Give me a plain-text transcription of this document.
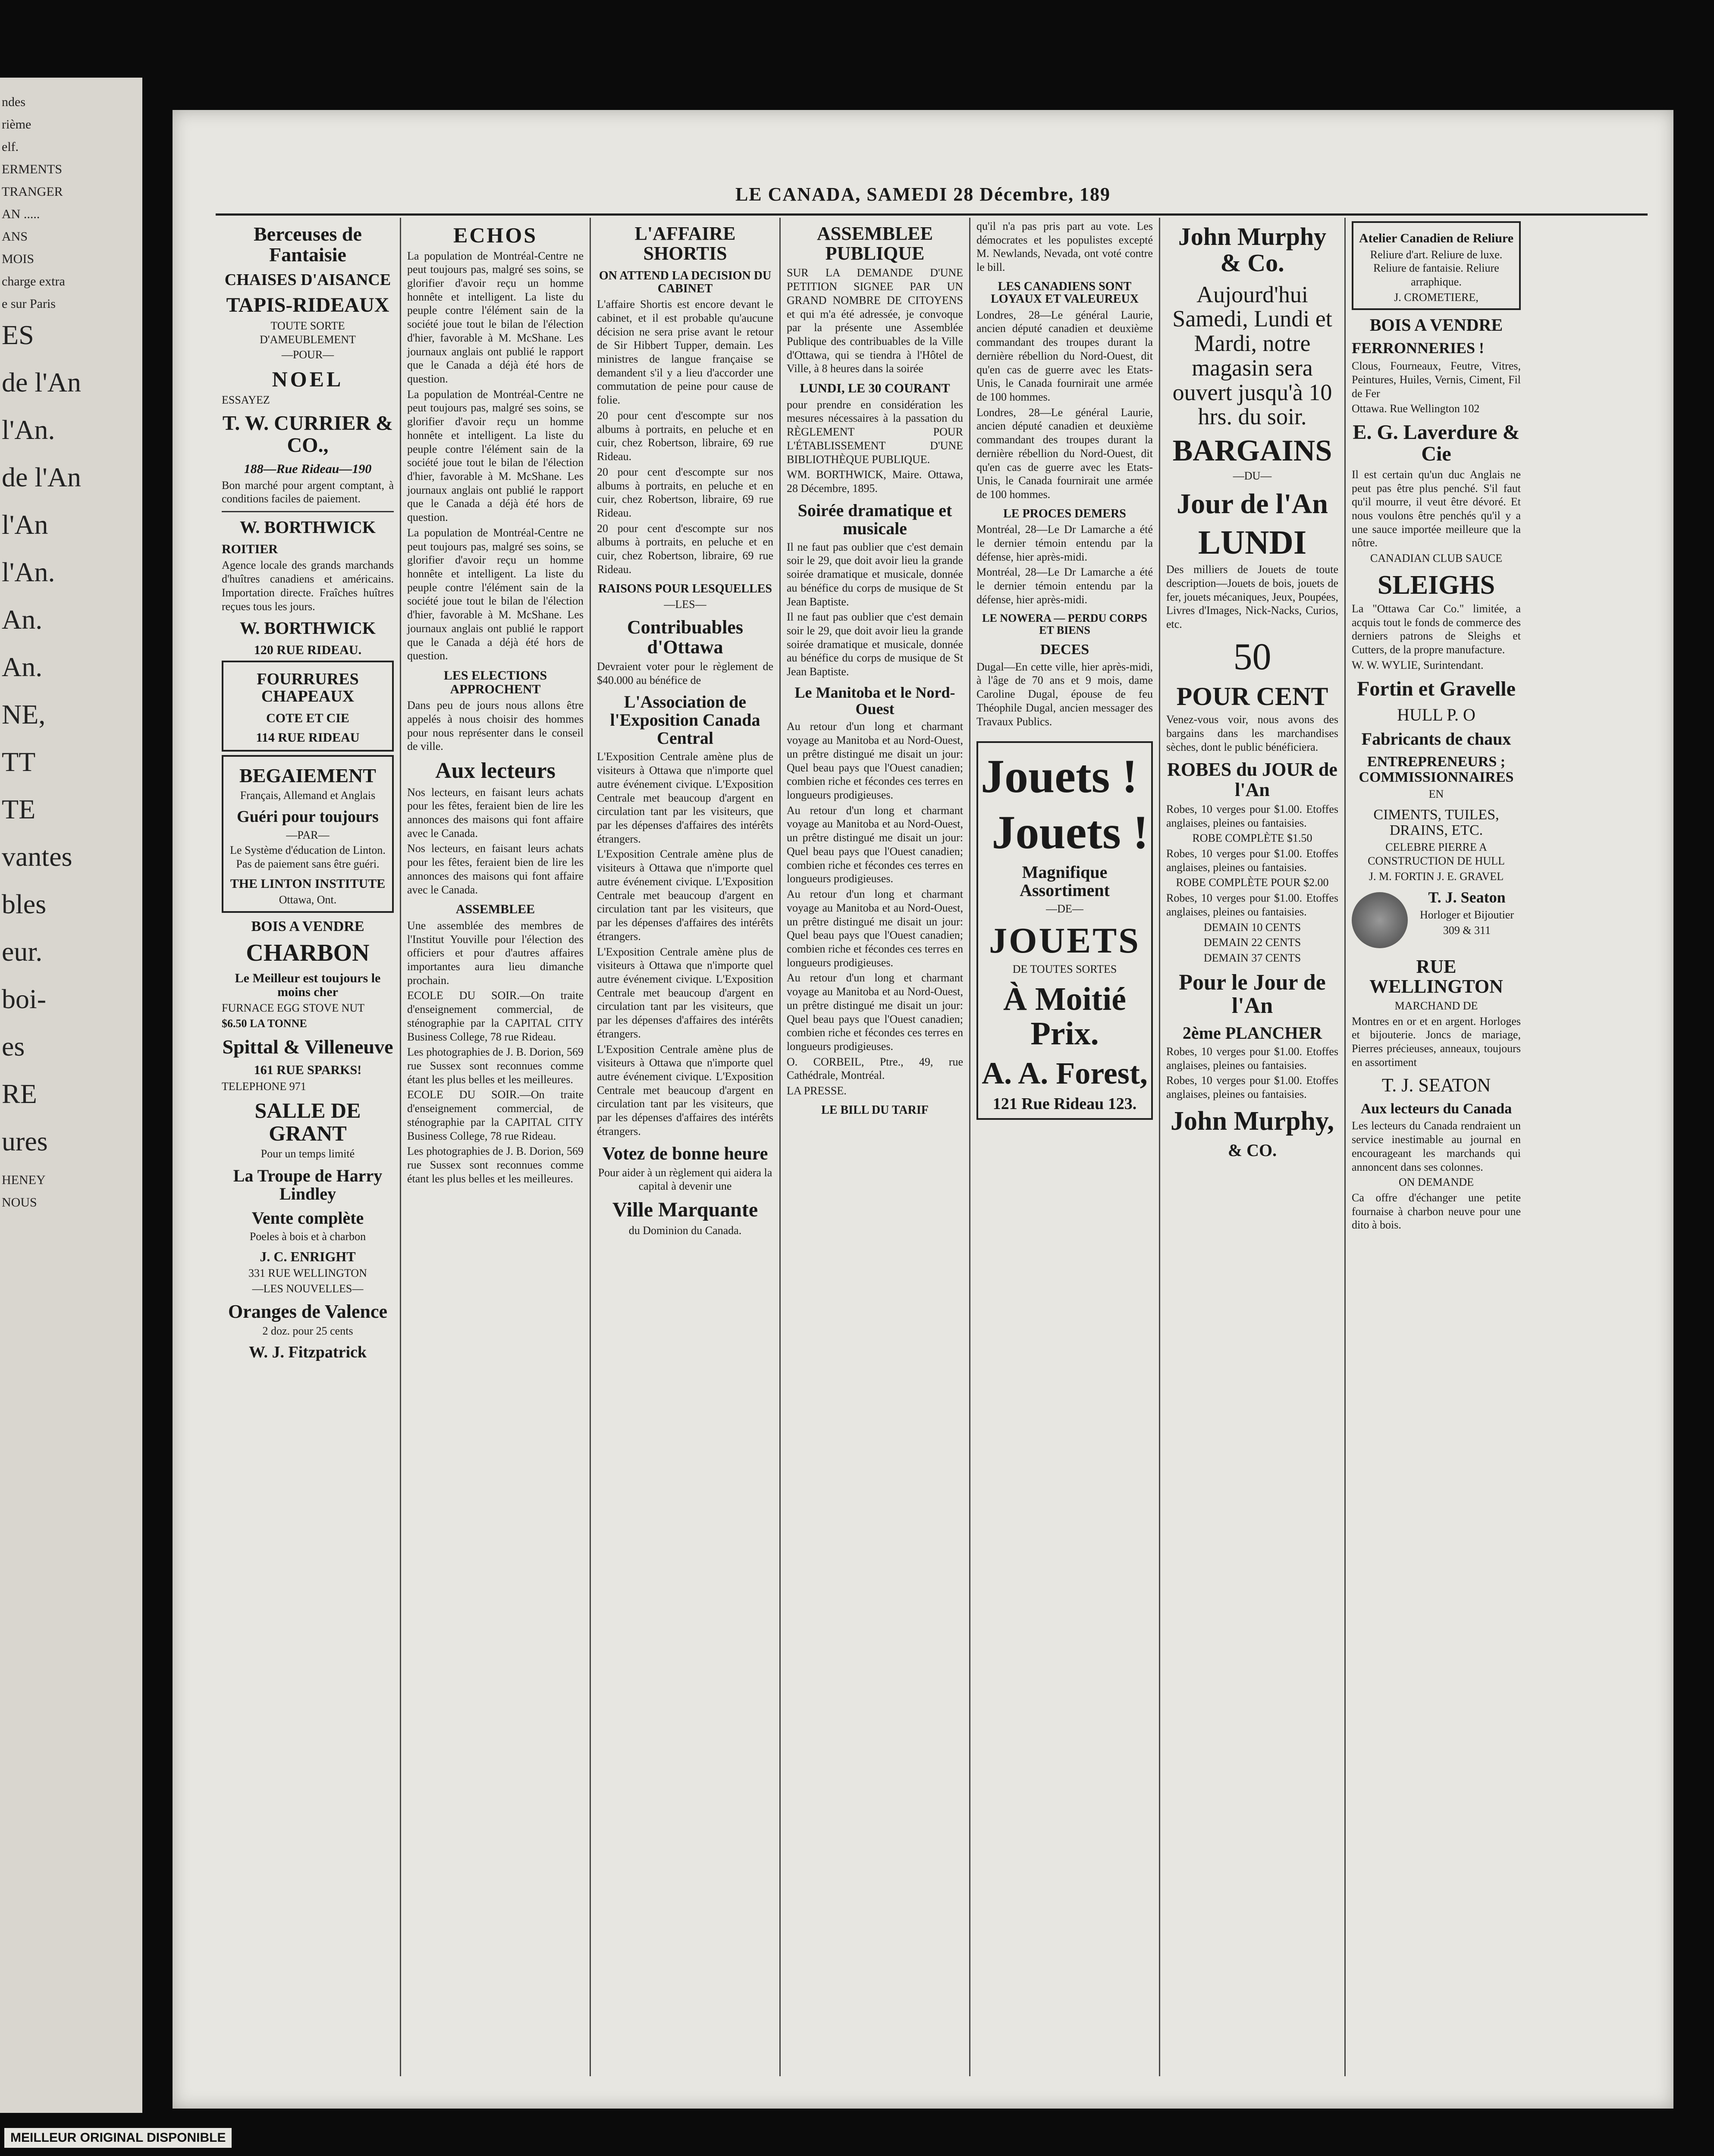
ndes
rième
elf.
ERMENTS
TRANGER
AN .....
ANS
MOIS
charge extra
e sur Paris
ES
de l'An
l'An.
de l'An
l'An
l'An.
An.
An.
NE,
TT
TE
vantes
bles
eur.
boi-
es
RE
ures
HENEY
NOUS
LE CANADA, SAMEDI 28 Décembre, 189
Berceuses de Fantaisie
CHAISES D'AISANCE
TAPIS-RIDEAUX
TOUTE SORTE D'AMEUBLEMENT
—POUR—
NOEL
ESSAYEZ
T. W. CURRIER & CO.,
188—Rue Rideau—190
Bon marché pour argent comptant, à conditions faciles de paiement.
W. BORTHWICK
ROITIER
Agence locale des grands marchands d'huîtres canadiens et américains. Importation directe. Fraîches huîtres reçues tous les jours.
W. BORTHWICK
120 RUE RIDEAU.
FOURRURES CHAPEAUX
COTE ET CIE
114 RUE RIDEAU
BEGAIEMENT
Français, Allemand et Anglais
Guéri pour toujours
—PAR—
Le Système d'éducation de Linton. Pas de paiement sans être guéri.
THE LINTON INSTITUTE
Ottawa, Ont.
BOIS A VENDRE
CHARBON
Le Meilleur est toujours le moins cher
FURNACE EGG STOVE NUT
$6.50 LA TONNE
Spittal & Villeneuve
161 RUE SPARKS!
TELEPHONE 971
SALLE DE GRANT
Pour un temps limité
La Troupe de Harry Lindley
Vente complète
Poeles à bois et à charbon
J. C. ENRIGHT
331 RUE WELLINGTON
—LES NOUVELLES—
Oranges de Valence
2 doz. pour 25 cents
W. J. Fitzpatrick
ECHOS
La population de Montréal-Centre ne peut toujours pas, malgré ses soins, se glorifier d'avoir reçu un homme honnête et intelligent. La liste du peuple contre l'élément sain de la société joue tout le bilan de l'élection d'hier, favorable à M. McShane. Les journaux anglais ont publié le rapport que le Canada a déjà été hors de question.
La population de Montréal-Centre ne peut toujours pas, malgré ses soins, se glorifier d'avoir reçu un homme honnête et intelligent. La liste du peuple contre l'élément sain de la société joue tout le bilan de l'élection d'hier, favorable à M. McShane. Les journaux anglais ont publié le rapport que le Canada a déjà été hors de question.
La population de Montréal-Centre ne peut toujours pas, malgré ses soins, se glorifier d'avoir reçu un homme honnête et intelligent. La liste du peuple contre l'élément sain de la société joue tout le bilan de l'élection d'hier, favorable à M. McShane. Les journaux anglais ont publié le rapport que le Canada a déjà été hors de question.
LES ELECTIONS APPROCHENT
Dans peu de jours nous allons être appelés à nous choisir des hommes pour nous représenter dans le conseil de ville.
Aux lecteurs
Nos lecteurs, en faisant leurs achats pour les fêtes, feraient bien de lire les annonces des maisons qui font affaire avec le Canada.
Nos lecteurs, en faisant leurs achats pour les fêtes, feraient bien de lire les annonces des maisons qui font affaire avec le Canada.
ASSEMBLEE
Une assemblée des membres de l'Institut Youville pour l'élection des officiers et pour d'autres affaires importantes aura lieu dimanche prochain.
ECOLE DU SOIR.—On traite d'enseignement commercial, de sténographie par la CAPITAL CITY Business College, 78 rue Rideau.
Les photographies de J. B. Dorion, 569 rue Sussex sont reconnues comme étant les plus belles et les meilleures.
ECOLE DU SOIR.—On traite d'enseignement commercial, de sténographie par la CAPITAL CITY Business College, 78 rue Rideau.
Les photographies de J. B. Dorion, 569 rue Sussex sont reconnues comme étant les plus belles et les meilleures.
L'AFFAIRE SHORTIS
ON ATTEND LA DECISION DU CABINET
L'affaire Shortis est encore devant le cabinet, et il est probable qu'aucune décision ne sera prise avant le retour de Sir Hibbert Tupper, demain. Les ministres de langue française se demandent s'il y a lieu d'accorder une commutation de peine pour cause de folie.
20 pour cent d'escompte sur nos albums à portraits, en peluche et en cuir, chez Robertson, libraire, 69 rue Rideau.
20 pour cent d'escompte sur nos albums à portraits, en peluche et en cuir, chez Robertson, libraire, 69 rue Rideau.
20 pour cent d'escompte sur nos albums à portraits, en peluche et en cuir, chez Robertson, libraire, 69 rue Rideau.
RAISONS POUR LESQUELLES
—LES—
Contribuables d'Ottawa
Devraient voter pour le règlement de $40.000 au bénéfice de
L'Association de l'Exposition Canada Central
L'Exposition Centrale amène plus de visiteurs à Ottawa que n'importe quel autre événement civique. L'Exposition Centrale met beaucoup d'argent en circulation tant par les visiteurs, que par les dépenses d'affaires des intérêts étrangers.
L'Exposition Centrale amène plus de visiteurs à Ottawa que n'importe quel autre événement civique. L'Exposition Centrale met beaucoup d'argent en circulation tant par les visiteurs, que par les dépenses d'affaires des intérêts étrangers.
L'Exposition Centrale amène plus de visiteurs à Ottawa que n'importe quel autre événement civique. L'Exposition Centrale met beaucoup d'argent en circulation tant par les visiteurs, que par les dépenses d'affaires des intérêts étrangers.
L'Exposition Centrale amène plus de visiteurs à Ottawa que n'importe quel autre événement civique. L'Exposition Centrale met beaucoup d'argent en circulation tant par les visiteurs, que par les dépenses d'affaires des intérêts étrangers.
Votez de bonne heure
Pour aider à un règlement qui aidera la capital à devenir une
Ville Marquante
du Dominion du Canada.
ASSEMBLEE PUBLIQUE
SUR LA DEMANDE D'UNE PETITION SIGNEE PAR UN GRAND NOMBRE DE CITOYENS et qui m'a été adressée, je convoque par la présente une Assemblée Publique des contribuables de la Ville d'Ottawa, qui se tiendra à l'Hôtel de Ville, à 8 heures dans la soirée
LUNDI, LE 30 COURANT
pour prendre en considération les mesures nécessaires à la passation du RÈGLEMENT POUR L'ÉTABLISSEMENT D'UNE BIBLIOTHÈQUE PUBLIQUE.
WM. BORTHWICK, Maire. Ottawa, 28 Décembre, 1895.
Soirée dramatique et musicale
Il ne faut pas oublier que c'est demain soir le 29, que doit avoir lieu la grande soirée dramatique et musicale, donnée au bénéfice du corps de musique de St Jean Baptiste.
Il ne faut pas oublier que c'est demain soir le 29, que doit avoir lieu la grande soirée dramatique et musicale, donnée au bénéfice du corps de musique de St Jean Baptiste.
Le Manitoba et le Nord-Ouest
Au retour d'un long et charmant voyage au Manitoba et au Nord-Ouest, un prêtre distingué me disait un jour: Quel beau pays que l'Ouest canadien; combien riche et fécondes ces terres en longueurs prodigieuses.
Au retour d'un long et charmant voyage au Manitoba et au Nord-Ouest, un prêtre distingué me disait un jour: Quel beau pays que l'Ouest canadien; combien riche et fécondes ces terres en longueurs prodigieuses.
Au retour d'un long et charmant voyage au Manitoba et au Nord-Ouest, un prêtre distingué me disait un jour: Quel beau pays que l'Ouest canadien; combien riche et fécondes ces terres en longueurs prodigieuses.
Au retour d'un long et charmant voyage au Manitoba et au Nord-Ouest, un prêtre distingué me disait un jour: Quel beau pays que l'Ouest canadien; combien riche et fécondes ces terres en longueurs prodigieuses.
O. CORBEIL, Ptre., 49, rue Cathédrale, Montréal.
LA PRESSE.
LE BILL DU TARIF
qu'il n'a pas pris part au vote. Les démocrates et les populistes excepté M. Newlands, Nevada, ont voté contre le bill.
LES CANADIENS SONT LOYAUX ET VALEUREUX
Londres, 28—Le général Laurie, ancien député canadien et deuxième commandant des troupes durant la dernière rébellion du Nord-Ouest, dit qu'en cas de guerre avec les Etats-Unis, le Canada fournirait une armée de 100 hommes.
Londres, 28—Le général Laurie, ancien député canadien et deuxième commandant des troupes durant la dernière rébellion du Nord-Ouest, dit qu'en cas de guerre avec les Etats-Unis, le Canada fournirait une armée de 100 hommes.
LE PROCES DEMERS
Montréal, 28—Le Dr Lamarche a été le dernier témoin entendu par la défense, hier après-midi.
Montréal, 28—Le Dr Lamarche a été le dernier témoin entendu par la défense, hier après-midi.
LE NOWERA — PERDU CORPS ET BIENS
DECES
Dugal—En cette ville, hier après-midi, à l'âge de 70 ans et 9 mois, dame Caroline Dugal, épouse de feu Théophile Dugal, ancien messager des Travaux Publics.
Jouets !
Jouets !
Magnifique Assortiment
—DE—
JOUETS
DE TOUTES SORTES
À Moitié Prix.
A. A. Forest,
121 Rue Rideau 123.
John Murphy & Co.
Aujourd'hui Samedi, Lundi et Mardi, notre magasin sera ouvert jusqu'à 10 hrs. du soir.
BARGAINS
—DU—
Jour de l'An
LUNDI
Des milliers de Jouets de toute description—Jouets de bois, jouets de fer, jouets mécaniques, Jeux, Poupées, Livres d'Images, Nick-Nacks, Curios, etc.
50
POUR CENT
Venez-vous voir, nous avons des bargains dans les marchandises sèches, dont le public bénéficiera.
ROBES du JOUR de l'An
Robes, 10 verges pour $1.00. Etoffes anglaises, pleines ou fantaisies.
ROBE COMPLÈTE $1.50
Robes, 10 verges pour $1.00. Etoffes anglaises, pleines ou fantaisies.
ROBE COMPLÈTE POUR $2.00
Robes, 10 verges pour $1.00. Etoffes anglaises, pleines ou fantaisies.
DEMAIN 10 CENTS
DEMAIN 22 CENTS
DEMAIN 37 CENTS
Pour le Jour de l'An
2ème PLANCHER
Robes, 10 verges pour $1.00. Etoffes anglaises, pleines ou fantaisies.
Robes, 10 verges pour $1.00. Etoffes anglaises, pleines ou fantaisies.
John Murphy,
& CO.
Atelier Canadien de Reliure
Reliure d'art. Reliure de luxe. Reliure de fantaisie. Reliure arraphique.
J. CROMETIERE,
BOIS A VENDRE
FERRONNERIES !
Clous, Fourneaux, Feutre, Vitres, Peintures, Huiles, Vernis, Ciment, Fil de Fer
Ottawa. Rue Wellington 102
E. G. Laverdure & Cie
Il est certain qu'un duc Anglais ne peut pas être plus penché. S'il faut qu'il mourre, il veut être dévoré. Et nous voulons être penchés qu'il y a une sauce importée meilleure que la nôtre.
CANADIAN CLUB SAUCE
SLEIGHS
La "Ottawa Car Co." limitée, a acquis tout le fonds de commerce des derniers patrons de Sleighs et Cutters, de la propre manufacture.
W. W. WYLIE, Surintendant.
Fortin et Gravelle
HULL P. O
Fabricants de chaux
ENTREPRENEURS ; COMMISSIONNAIRES
EN
CIMENTS, TUILES, DRAINS, ETC.
CELEBRE PIERRE A CONSTRUCTION DE HULL
J. M. FORTIN J. E. GRAVEL
T. J. Seaton
Horloger et Bijoutier
309 & 311
RUE WELLINGTON
MARCHAND DE
Montres en or et en argent. Horloges et bijouterie. Joncs de mariage, Pierres précieuses, anneaux, toujours en assortiment
T. J. SEATON
Aux lecteurs du Canada
Les lecteurs du Canada rendraient un service inestimable au journal en encourageant les marchands qui annoncent dans ses colonnes.
ON DEMANDE
Ca offre d'échanger une petite fournaise à charbon neuve pour une dito à bois.
MEILLEUR ORIGINAL DISPONIBLE
